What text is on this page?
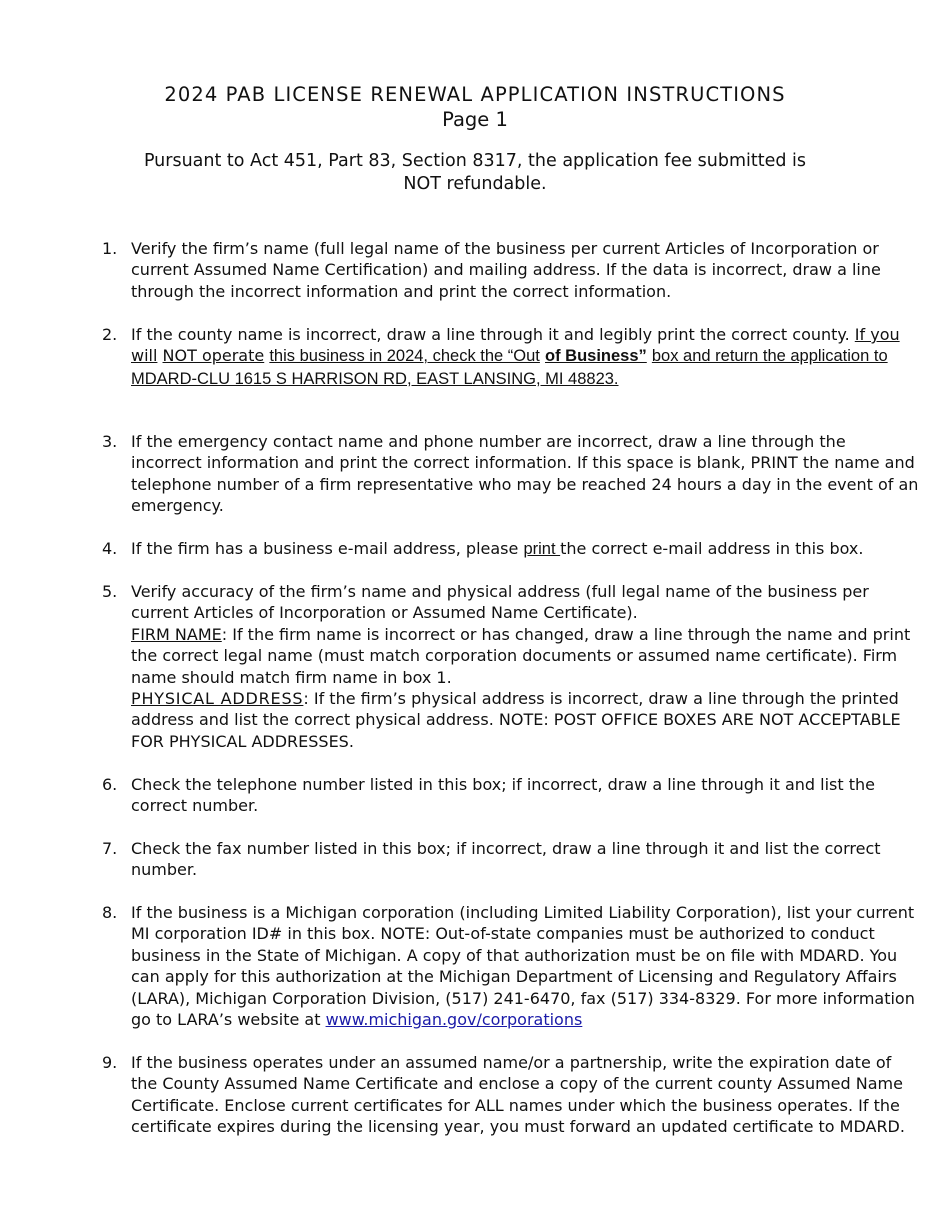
2024 PAB LICENSE RENEWAL APPLICATION INSTRUCTIONS
Page 1
Pursuant to Act 451, Part 83, Section 8317, the application fee submitted is NOT refundable.
1. Verify the firm’s name (full legal name of the business per current Articles of Incorporation or current Assumed Name Certification) and mailing address. If the data is incorrect, draw a line through the incorrect information and print the correct information.
2. If the county name is incorrect, draw a line through it and legibly print the correct county. If you will NOT operate this business in 2024, check the “Out of Business” box and return the application to MDARD-CLU 1615 S HARRISON RD, EAST LANSING, MI 48823.
3. If the emergency contact name and phone number are incorrect, draw a line through the incorrect information and print the correct information. If this space is blank, PRINT the name and telephone number of a firm representative who may be reached 24 hours a day in the event of an emergency.
4. If the firm has a business e-mail address, please print the correct e-mail address in this box.
5. Verify accuracy of the firm’s name and physical address (full legal name of the business per current Articles of Incorporation or Assumed Name Certificate).
FIRM NAME: If the firm name is incorrect or has changed, draw a line through the name and print the correct legal name (must match corporation documents or assumed name certificate). Firm name should match firm name in box 1.
PHYSICAL ADDRESS: If the firm’s physical address is incorrect, draw a line through the printed address and list the correct physical address. NOTE: POST OFFICE BOXES ARE NOT ACCEPTABLE FOR PHYSICAL ADDRESSES.
6. Check the telephone number listed in this box; if incorrect, draw a line through it and list the correct number.
7. Check the fax number listed in this box; if incorrect, draw a line through it and list the correct number.
8. If the business is a Michigan corporation (including Limited Liability Corporation), list your current MI corporation ID# in this box. NOTE: Out-of-state companies must be authorized to conduct business in the State of Michigan. A copy of that authorization must be on file with MDARD. You can apply for this authorization at the Michigan Department of Licensing and Regulatory Affairs (LARA), Michigan Corporation Division, (517) 241-6470, fax (517) 334-8329. For more information go to LARA’s website at www.michigan.gov/corporations
9. If the business operates under an assumed name/or a partnership, write the expiration date of the County Assumed Name Certificate and enclose a copy of the current county Assumed Name Certificate. Enclose current certificates for ALL names under which the business operates. If the certificate expires during the licensing year, you must forward an updated certificate to MDARD.
